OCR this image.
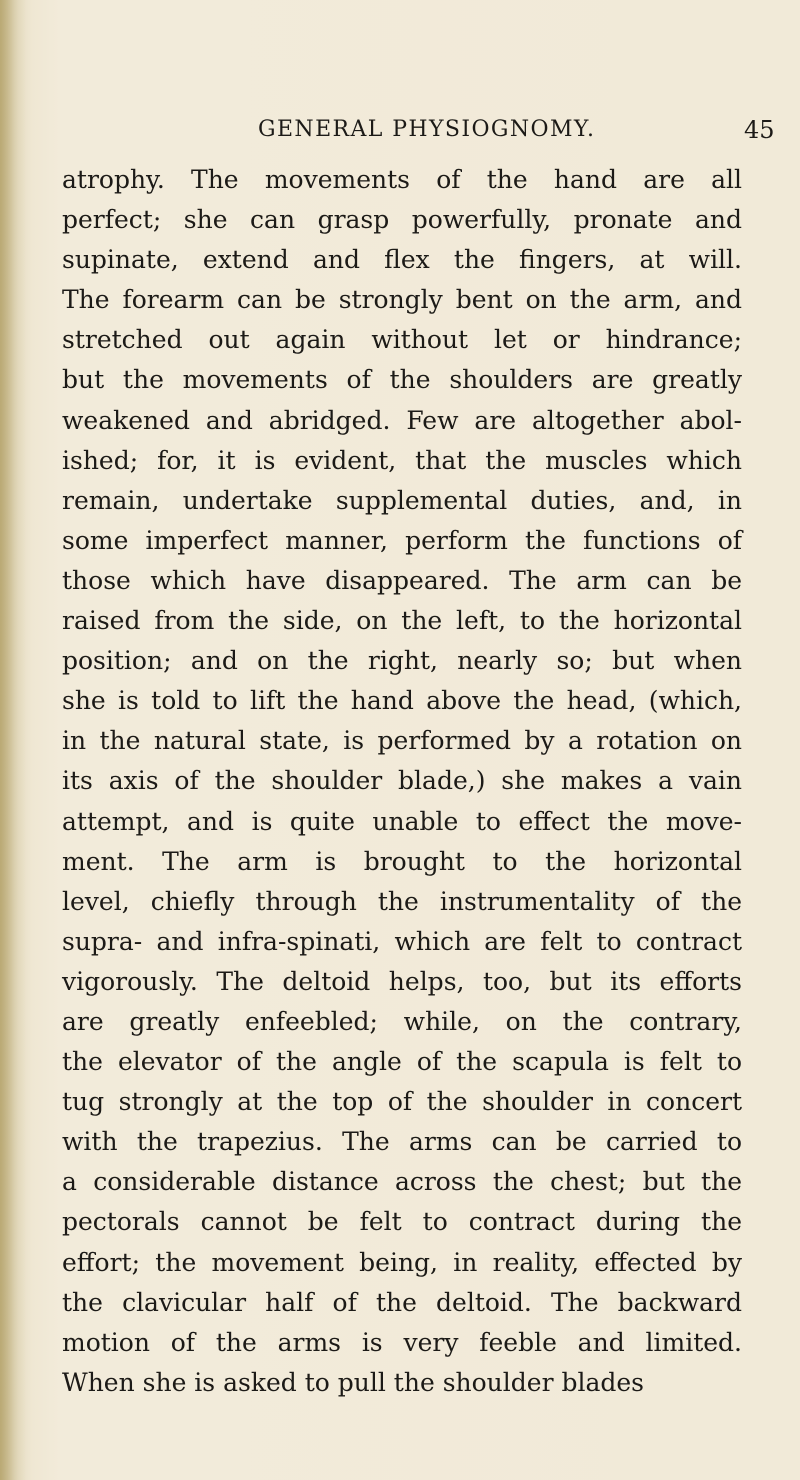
GENERAL PHYSIOGNOMY.	45
atrophy. The movements of the hand are all
perfect; she can grasp powerfully, pronate and
supinate, extend and flex the fingers, at will.
The forearm can be strongly bent on the arm, and
stretched out again without let or hindrance;
but the movements of the shoulders are greatly
weakened and abridged. Few are altogether abol-
ished; for, it is evident, that the muscles which
remain, undertake supplemental duties, and, in
some imperfect manner, perform the functions of
those which have disappeared. The arm can be
raised from the side, on the left, to the horizontal
position; and on the right, nearly so; but when
she is told to lift the hand above the head, (which,
in the natural state, is performed by a rotation on
its axis of the shoulder blade,) she makes a vain
attempt, and is quite unable to effect the move-
ment. The arm is brought to the horizontal
level, chiefly through the instrumentality of the
supra- and infra-spinati, which are felt to contract
vigorously. The deltoid helps, too, but its efforts
are greatly enfeebled; while, on the contrary,
the elevator of the angle of the scapula is felt to
tug strongly at the top of the shoulder in concert
with the trapezius. The arms can be carried to
a considerable distance across the chest; but the
pectorals cannot be felt to contract during the
effort; the movement being, in reality, effected by
the clavicular half of the deltoid. The backward
motion of the arms is very feeble and limited.
When she is asked to pull the shoulder blades
